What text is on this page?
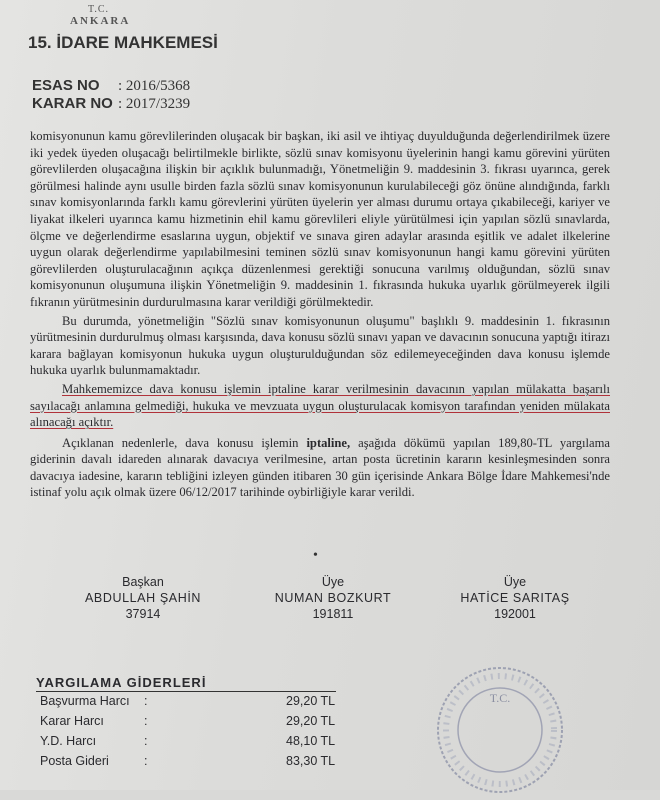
T.C.
ANKARA
15. İDARE MAHKEMESİ
ESAS NO : 2016/5368
KARAR NO : 2017/3239

komisyonunun kamu görevlilerinden oluşacak bir başkan, iki asil ve ihtiyaç duyulduğunda değerlendirilmek üzere iki yedek üyeden oluşacağı belirtilmekle birlikte, sözlü sınav komisyonu üyelerinin hangi kamu görevini yürüten görevlilerden oluşacağına ilişkin bir açıklık bulunmadığı, Yönetmeliğin 9. maddesinin 3. fıkrası uyarınca, gerek görülmesi halinde aynı usulle birden fazla sözlü sınav komisyonunun kurulabileceği göz önüne alındığında, farklı sınav komisyonlarında farklı kamu görevlerini yürüten üyelerin yer alması durumu ortaya çıkabileceği, kariyer ve liyakat ilkeleri uyarınca kamu hizmetinin ehil kamu görevlileri eliyle yürütülmesi için yapılan sözlü sınavlarda, ölçme ve değerlendirme esaslarına uygun, objektif ve sınava giren adaylar arasında eşitlik ve adalet ilkelerine uygun olarak değerlendirme yapılabilmesini teminen sözlü sınav komisyonunun hangi kamu görevini yürüten görevlilerden oluşturulacağının açıkça düzenlenmesi gerektiği sonucuna varılmış olduğundan, sözlü sınav komisyonunun oluşumuna ilişkin Yönetmeliğin 9. maddesinin 1. fıkrasında hukuka uyarlık görülmeyerek ilgili fıkranın yürütmesinin durdurulmasına karar verildiği görülmektedir.

Bu durumda, yönetmeliğin "Sözlü sınav komisyonunun oluşumu" başlıklı 9. maddesinin 1. fıkrasının yürütmesinin durdurulmuş olması karşısında, dava konusu sözlü sınavı yapan ve davacının sonucuna yaptığı itirazı karara bağlayan komisyonun hukuka uygun oluşturulduğundan söz edilemeyeceğinden dava konusu işlemde hukuka uyarlık bulunmamaktadır.

Mahkememizce dava konusu işlemin iptaline karar verilmesinin davacının yapılan mülakatta başarılı sayılacağı anlamına gelmediği, hukuka ve mevzuata uygun oluşturulacak komisyon tarafından yeniden mülakata alınacağı açıktır.

Açıklanan nedenlerle, dava konusu işlemin iptaline, aşağıda dökümü yapılan 189,80-TL yargılama giderinin davalı idareden alınarak davacıya verilmesine, artan posta ücretinin kararın kesinleşmesinden sonra davacıya iadesine, kararın tebliğini izleyen günden itibaren 30 gün içerisinde Ankara Bölge İdare Mahkemesi'nde istinaf yolu açık olmak üzere 06/12/2017 tarihinde oybirliğiyle karar verildi.

•
Başkan
ABDULLAH ŞAHİN
37914
Üye
NUMAN BOZKURT
191811
Üye
HATİCE SARITAŞ
192001
YARGILAMA GİDERLERİ
Başvurma Harcı :	29,20 TL
Karar Harcı	:	29,20 TL
Y.D. Harcı	:	48,10 TL
Posta Gideri	:	83,30 TL
T.C.
